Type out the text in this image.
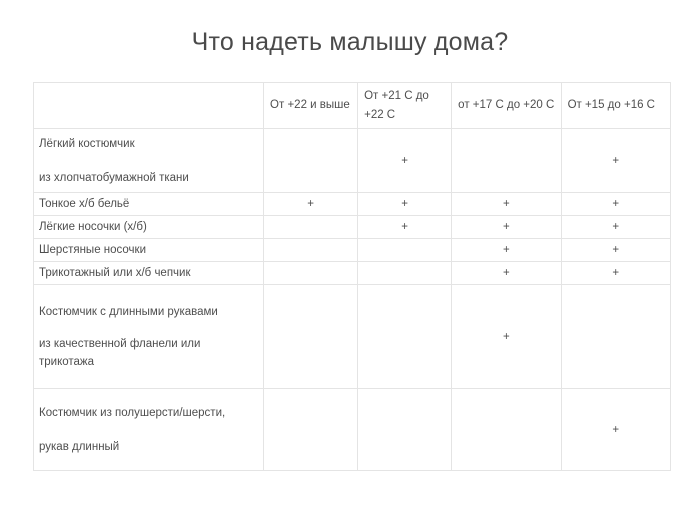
Что надеть малышу дома?
	От +22 и выше	От +21 С до +22 С	от +17 С до +20 С	От +15 до +16 С
Лёгкий костюмчик
из хлопчатобумажной ткани		+		+
Тонкое х/б бельё	+	+	+	+
Лёгкие носочки (х/б)		+	+	+
Шерстяные носочки			+	+
Трикотажный или х/б чепчик			+	+

Костюмчик с длинными рукавами
из качественной фланели или трикотажа			+	

Костюмчик из полушерсти/шерсти,
рукав длинный				+
